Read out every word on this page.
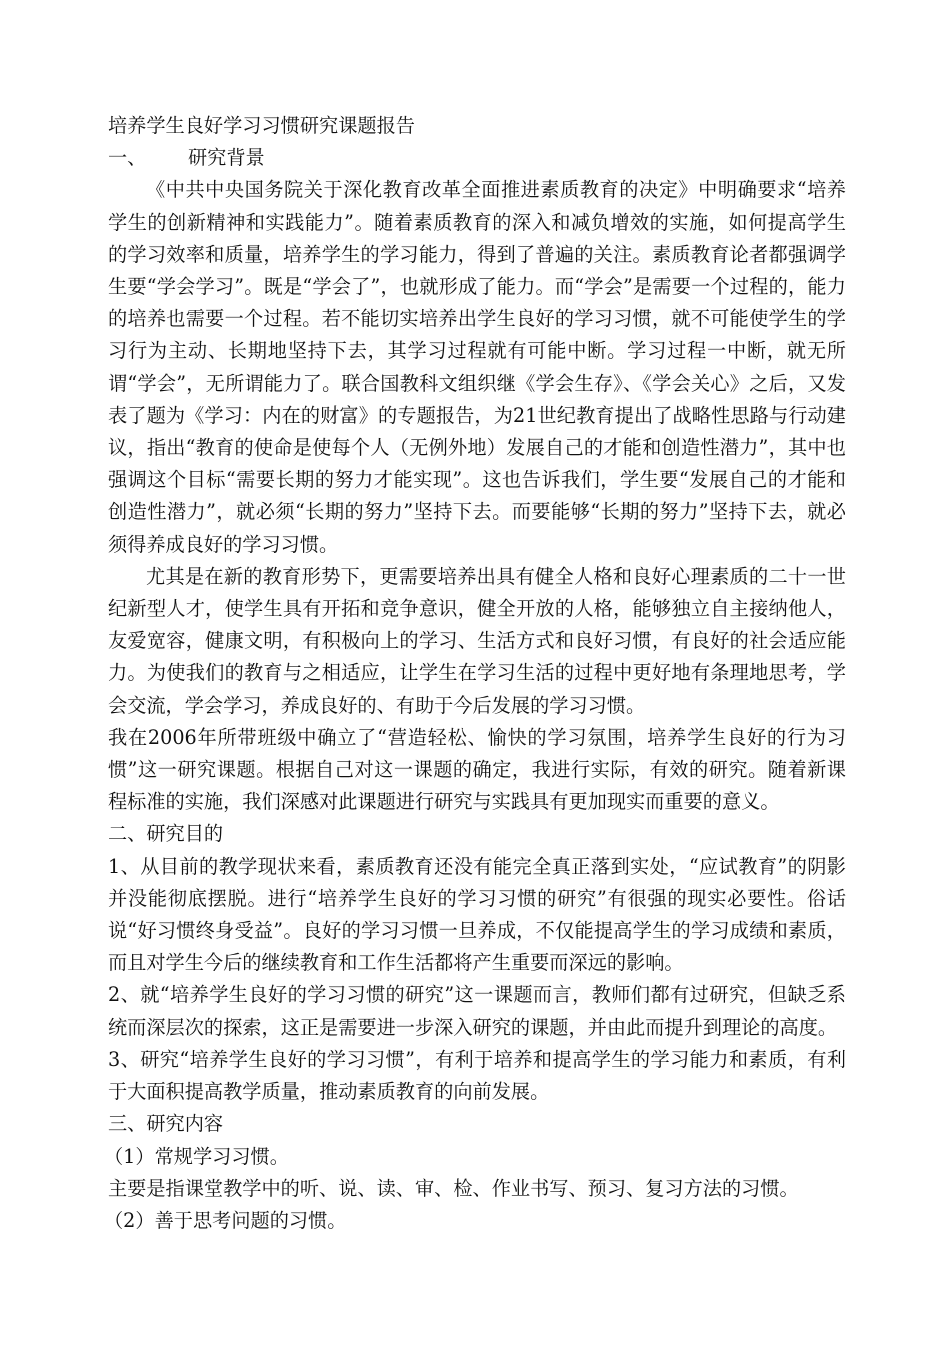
培养学生良好学习习惯研究课题报告

一、 研究背景

《中共中央国务院关于深化教育改革全面推进素质教育的决定》中明确要求“培养学生的创新精神和实践能力”。随着素质教育的深入和减负增效的实施，如何提高学生的学习效率和质量，培养学生的学习能力，得到了普遍的关注。素质教育论者都强调学生要“学会学习”。既是“学会了”，也就形成了能力。而“学会”是需要一个过程的，能力的培养也需要一个过程。若不能切实培养出学生良好的学习习惯，就不可能使学生的学习行为主动、长期地坚持下去，其学习过程就有可能中断。学习过程一中断，就无所谓“学会”，无所谓能力了。联合国教科文组织继《学会生存》、《学会关心》之后，又发表了题为《学习：内在的财富》的专题报告，为21世纪教育提出了战略性思路与行动建议，指出“教育的使命是使每个人（无例外地）发展自己的才能和创造性潜力”，其中也强调这个目标“需要长期的努力才能实现”。这也告诉我们，学生要“发展自己的才能和创造性潜力”，就必须“长期的努力”坚持下去。而要能够“长期的努力”坚持下去，就必须得养成良好的学习习惯。

尤其是在新的教育形势下，更需要培养出具有健全人格和良好心理素质的二十一世纪新型人才，使学生具有开拓和竞争意识，健全开放的人格，能够独立自主接纳他人，友爱宽容，健康文明，有积极向上的学习、生活方式和良好习惯，有良好的社会适应能力。为使我们的教育与之相适应，让学生在学习生活的过程中更好地有条理地思考，学会交流，学会学习，养成良好的、有助于今后发展的学习习惯。

我在2006年所带班级中确立了“营造轻松、愉快的学习氛围，培养学生良好的行为习惯”这一研究课题。根据自己对这一课题的确定，我进行实际，有效的研究。随着新课程标准的实施，我们深感对此课题进行研究与实践具有更加现实而重要的意义。

二、研究目的

1、从目前的教学现状来看，素质教育还没有能完全真正落到实处，“应试教育”的阴影并没能彻底摆脱。进行“培养学生良好的学习习惯的研究”有很强的现实必要性。俗话说“好习惯终身受益”。良好的学习习惯一旦养成，不仅能提高学生的学习成绩和素质，而且对学生今后的继续教育和工作生活都将产生重要而深远的影响。

2、就“培养学生良好的学习习惯的研究”这一课题而言，教师们都有过研究，但缺乏系统而深层次的探索，这正是需要进一步深入研究的课题，并由此而提升到理论的高度。

3、研究“培养学生良好的学习习惯”，有利于培养和提高学生的学习能力和素质，有利于大面积提高教学质量，推动素质教育的向前发展。

三、研究内容

（1）常规学习习惯。

主要是指课堂教学中的听、说、读、审、检、作业书写、预习、复习方法的习惯。

（2）善于思考问题的习惯。
